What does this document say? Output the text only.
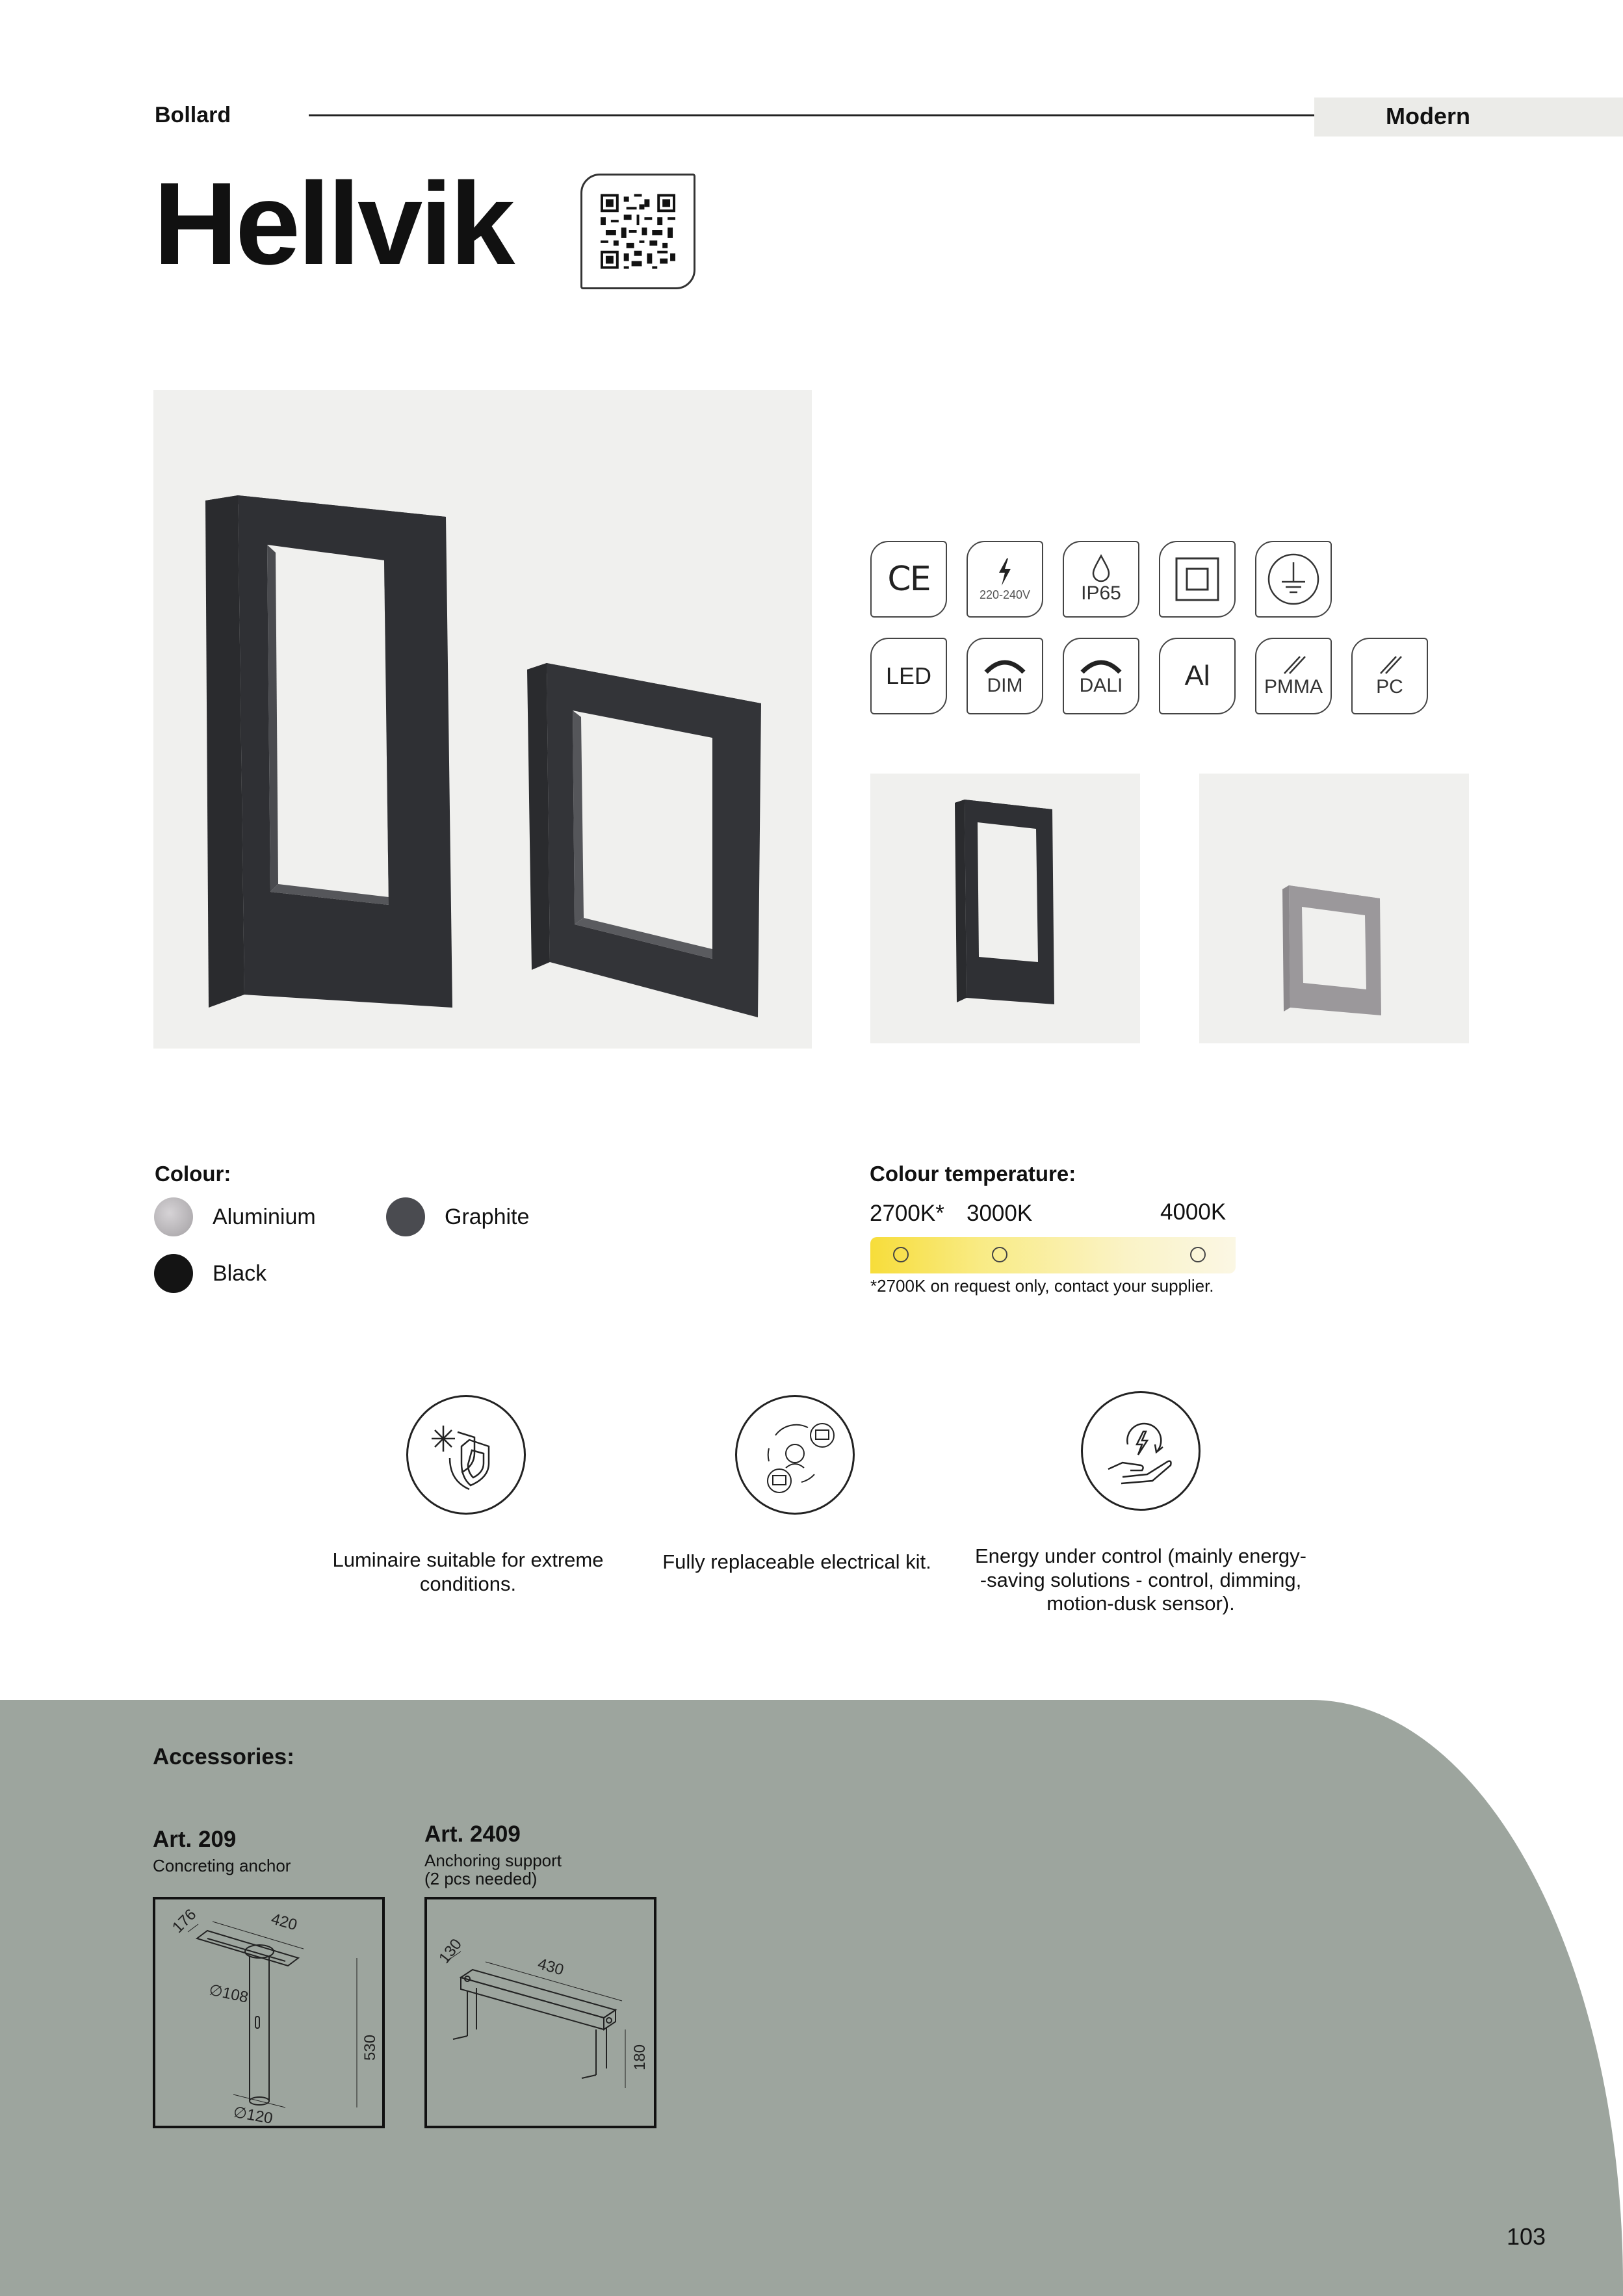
Bollard	Modern
Hellvik
CE	220-240V	IP65
LED	DIM	DALI Al	PMMA	PC
Colour:
Aluminium	Graphite
Black
Colour temperature:
2700K* 3000K	4000K
*2700K on request only, contact your supplier.
Luminaire suitable for extreme
conditions.
Fully replaceable electrical kit.	Energy under control (mainly energy-
-saving solutions - control, dimming,
motion-dusk sensor).
Accessories:
Art. 209
Concreting anchor
176	420
∅108
530
∅120
Art. 2409
Anchoring support
(2 pcs needed)
130
430
180
103
